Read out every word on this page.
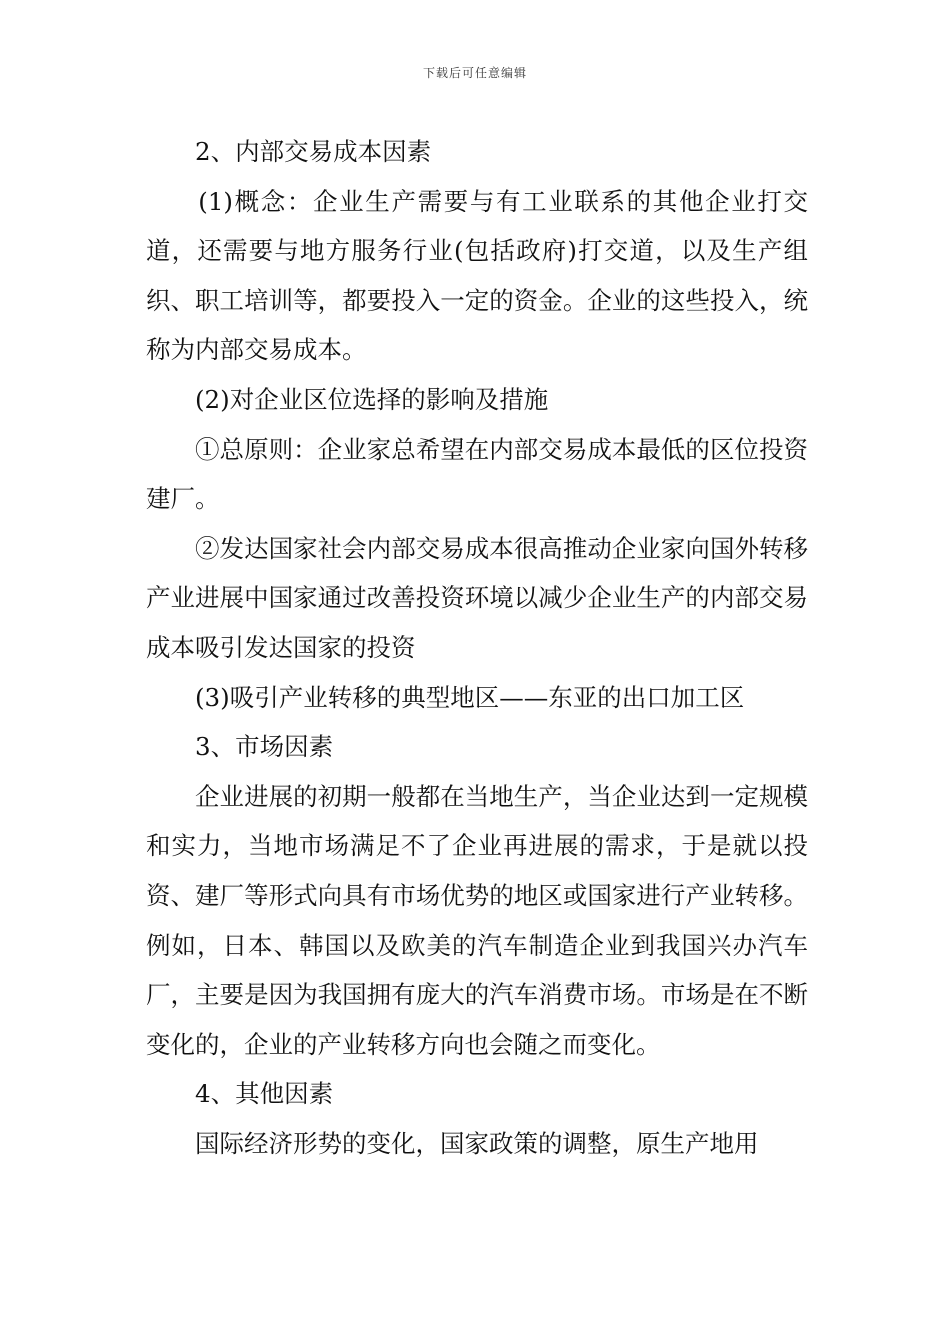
下载后可任意编辑

　　2、内部交易成本因素

　　(1)概念：企业生产需要与有工业联系的其他企业打交道，还需要与地方服务行业(包括政府)打交道，以及生产组织、职工培训等，都要投入一定的资金。企业的这些投入，统称为内部交易成本。

　　(2)对企业区位选择的影响及措施

　　①总原则：企业家总希望在内部交易成本最低的区位投资建厂。

　　②发达国家社会内部交易成本很高推动企业家向国外转移产业进展中国家通过改善投资环境以减少企业生产的内部交易成本吸引发达国家的投资

　　(3)吸引产业转移的典型地区——东亚的出口加工区

　　3、市场因素

　　企业进展的初期一般都在当地生产，当企业达到一定规模和实力，当地市场满足不了企业再进展的需求，于是就以投资、建厂等形式向具有市场优势的地区或国家进行产业转移。例如，日本、韩国以及欧美的汽车制造企业到我国兴办汽车厂，主要是因为我国拥有庞大的汽车消费市场。市场是在不断变化的，企业的产业转移方向也会随之而变化。

　　4、其他因素

　　国际经济形势的变化，国家政策的调整，原生产地用
